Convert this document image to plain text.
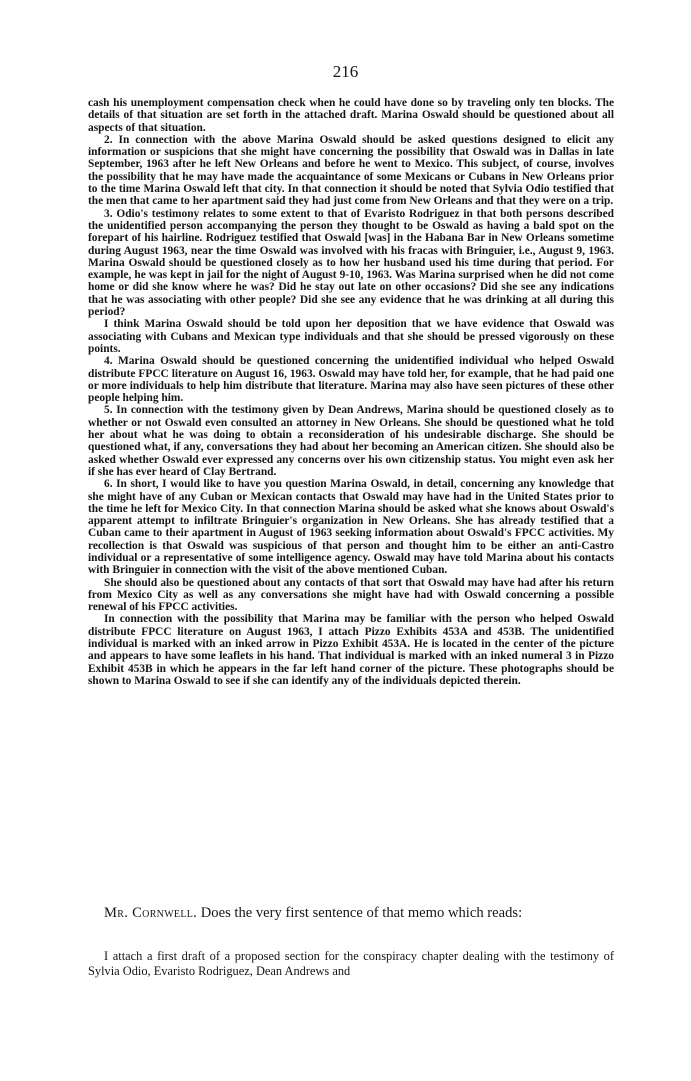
216

cash his unemployment compensation check when he could have done so by traveling only ten blocks. The details of that situation are set forth in the attached draft. Marina Oswald should be questioned about all aspects of that situation.

2. In connection with the above Marina Oswald should be asked questions designed to elicit any information or suspicions that she might have concerning the possibility that Oswald was in Dallas in late September, 1963 after he left New Orleans and before he went to Mexico. This subject, of course, involves the possibility that he may have made the acquaintance of some Mexicans or Cubans in New Orleans prior to the time Marina Oswald left that city. In that connection it should be noted that Sylvia Odio testified that the men that came to her apartment said they had just come from New Orleans and that they were on a trip.

3. Odio's testimony relates to some extent to that of Evaristo Rodriguez in that both persons described the unidentified person accompanying the person they thought to be Oswald as having a bald spot on the forepart of his hairline. Rodriguez testified that Oswald [was] in the Habana Bar in New Orleans sometime during August 1963, near the time Oswald was involved with his fracas with Bringuier, i.e., August 9, 1963. Marina Oswald should be questioned closely as to how her husband used his time during that period. For example, he was kept in jail for the night of August 9-10, 1963. Was Marina surprised when he did not come home or did she know where he was? Did he stay out late on other occasions? Did she see any indications that he was associating with other people? Did she see any evidence that he was drinking at all during this period?

I think Marina Oswald should be told upon her deposition that we have evidence that Oswald was associating with Cubans and Mexican type individuals and that she should be pressed vigorously on these points.

4. Marina Oswald should be questioned concerning the unidentified individual who helped Oswald distribute FPCC literature on August 16, 1963. Oswald may have told her, for example, that he had paid one or more individuals to help him distribute that literature. Marina may also have seen pictures of these other people helping him.

5. In connection with the testimony given by Dean Andrews, Marina should be questioned closely as to whether or not Oswald even consulted an attorney in New Orleans. She should be questioned what he told her about what he was doing to obtain a reconsideration of his undesirable discharge. She should be questioned what, if any, conversations they had about her becoming an American citizen. She should also be asked whether Oswald ever expressed any concerns over his own citizenship status. You might even ask her if she has ever heard of Clay Bertrand.

6. In short, I would like to have you question Marina Oswald, in detail, concerning any knowledge that she might have of any Cuban or Mexican contacts that Oswald may have had in the United States prior to the time he left for Mexico City. In that connection Marina should be asked what she knows about Oswald's apparent attempt to infiltrate Bringuier's organization in New Orleans. She has already testified that a Cuban came to their apartment in August of 1963 seeking information about Oswald's FPCC activities. My recollection is that Oswald was suspicious of that person and thought him to be either an anti-Castro individual or a representative of some intelligence agency. Oswald may have told Marina about his contacts with Bringuier in connection with the visit of the above mentioned Cuban.

She should also be questioned about any contacts of that sort that Oswald may have had after his return from Mexico City as well as any conversations she might have had with Oswald concerning a possible renewal of his FPCC activities.

In connection with the possibility that Marina may be familiar with the person who helped Oswald distribute FPCC literature on August 1963, I attach Pizzo Exhibits 453A and 453B. The unidentified individual is marked with an inked arrow in Pizzo Exhibit 453A. He is located in the center of the picture and appears to have some leaflets in his hand. That individual is marked with an inked numeral 3 in Pizzo Exhibit 453B in which he appears in the far left hand corner of the picture. These photographs should be shown to Marina Oswald to see if she can identify any of the individuals depicted therein.

Mr. Cornwell. Does the very first sentence of that memo which reads:

I attach a first draft of a proposed section for the conspiracy chapter dealing with the testimony of Sylvia Odio, Evaristo Rodriguez, Dean Andrews and
